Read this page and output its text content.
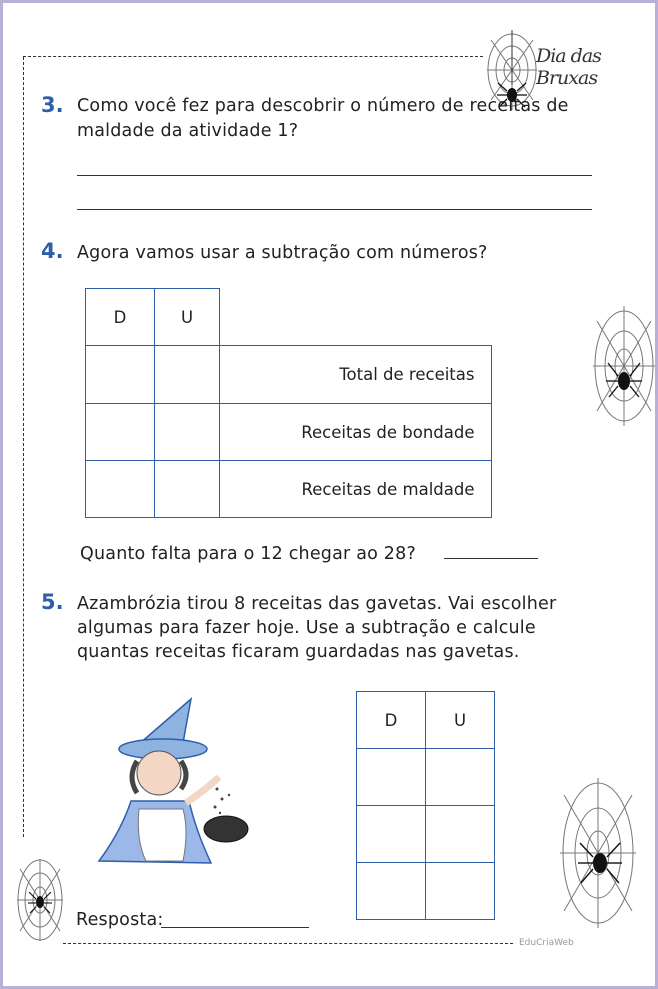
Dia das Bruxas
3. Como você fez para descobrir o número de receitas de
maldade da atividade 1?
4. Agora vamos usar a subtração com números?
D	U	
		Total de receitas
		Receitas de bondade
		Receitas de maldade
Quanto falta para o 12 chegar ao 28?
5. Azambrózia tirou 8 receitas das gavetas. Vai escolher
algumas para fazer hoje. Use a subtração e calcule
quantas receitas ficaram guardadas nas gavetas.
D	U

Resposta:
EduCriaWeb
